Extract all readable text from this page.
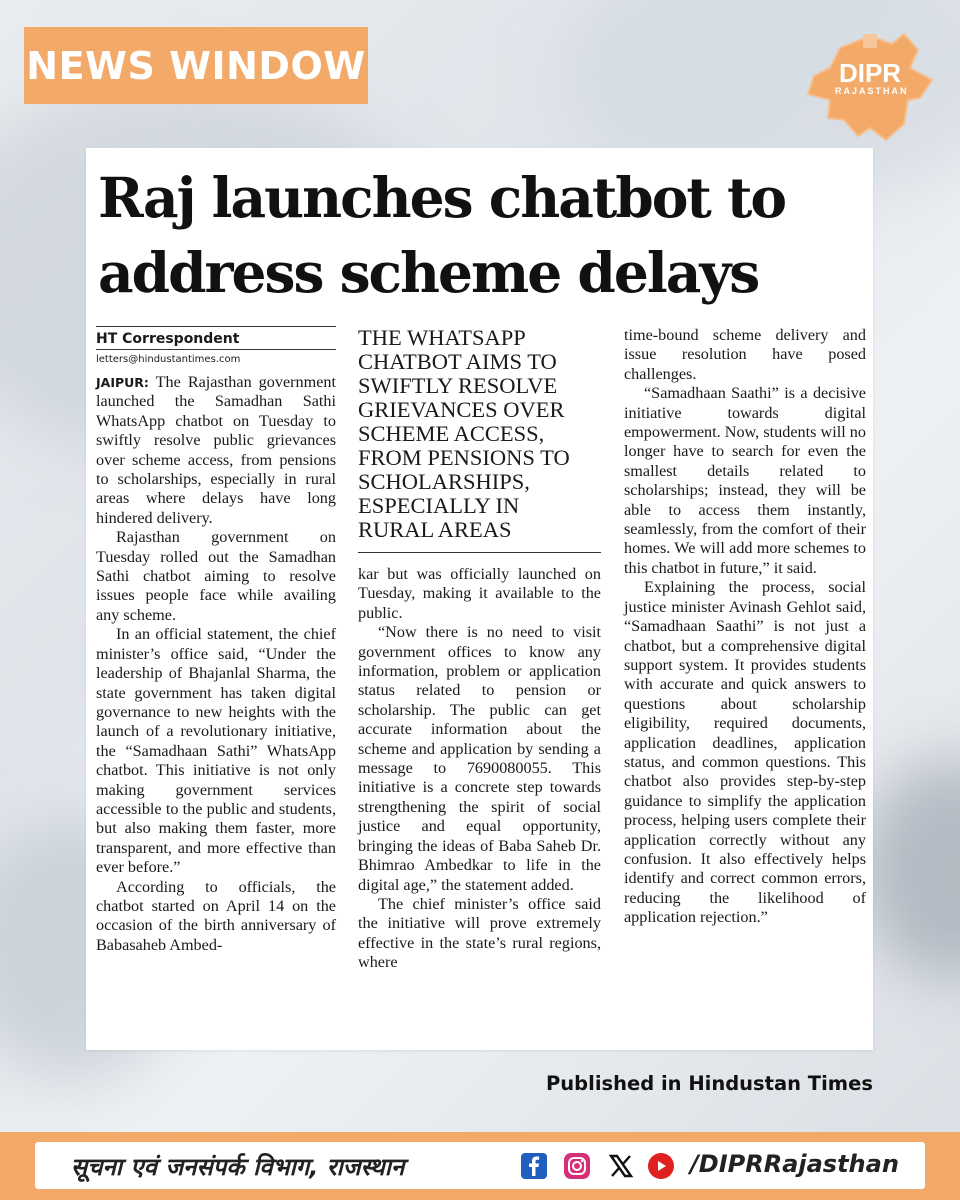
NEWS WINDOW	DIPR
RAJASTHAN
Raj launches chatbot to address scheme delays
HT Correspondent
letters@hindustantimes.com

JAIPUR: The Rajasthan government launched the Samadhan Sathi WhatsApp chatbot on Tuesday to swiftly resolve public grievances over scheme access, from pensions to scholarships, especially in rural areas where delays have long hindered delivery.

Rajasthan government on Tuesday rolled out the Samadhan Sathi chatbot aiming to resolve issues people face while availing any scheme.

In an official statement, the chief minister’s office said, “Under the leadership of Bhajanlal Sharma, the state government has taken digital governance to new heights with the launch of a revolutionary initiative, the “Samadhaan Sathi” WhatsApp chatbot. This initiative is not only making government services accessible to the public and students, but also making them faster, more transparent, and more effective than ever before.”

According to officials, the chatbot started on April 14 on the occasion of the birth anniversary of Babasaheb Ambed-

THE WHATSAPP CHATBOT AIMS TO SWIFTLY RESOLVE GRIEVANCES OVER SCHEME ACCESS, FROM PENSIONS TO SCHOLARSHIPS, ESPECIALLY IN RURAL AREAS

kar but was officially launched on Tuesday, making it available to the public.

“Now there is no need to visit government offices to know any information, problem or application status related to pension or scholarship. The public can get accurate information about the scheme and application by sending a message to 7690080055. This initiative is a concrete step towards strengthening the spirit of social justice and equal opportunity, bringing the ideas of Baba Saheb Dr. Bhimrao Ambedkar to life in the digital age,” the statement added.

The chief minister’s office said the initiative will prove extremely effective in the state’s rural regions, where

time-bound scheme delivery and issue resolution have posed challenges.

“Samadhaan Saathi” is a decisive initiative towards digital empowerment. Now, students will no longer have to search for even the smallest details related to scholarships; instead, they will be able to access them instantly, seamlessly, from the comfort of their homes. We will add more schemes to this chatbot in future,” it said.

Explaining the process, social justice minister Avinash Gehlot said, “Samadhaan Saathi” is not just a chatbot, but a comprehensive digital support system. It provides students with accurate and quick answers to questions about scholarship eligibility, required documents, application deadlines, application status, and common questions. This chatbot also provides step-by-step guidance to simplify the application process, helping users complete their application correctly without any confusion. It also effectively helps identify and correct common errors, reducing the likelihood of application rejection.”

Published in Hindustan Times
सूचना एवं जनसंपर्क विभाग, राजस्थान	/DIPRRajasthan
